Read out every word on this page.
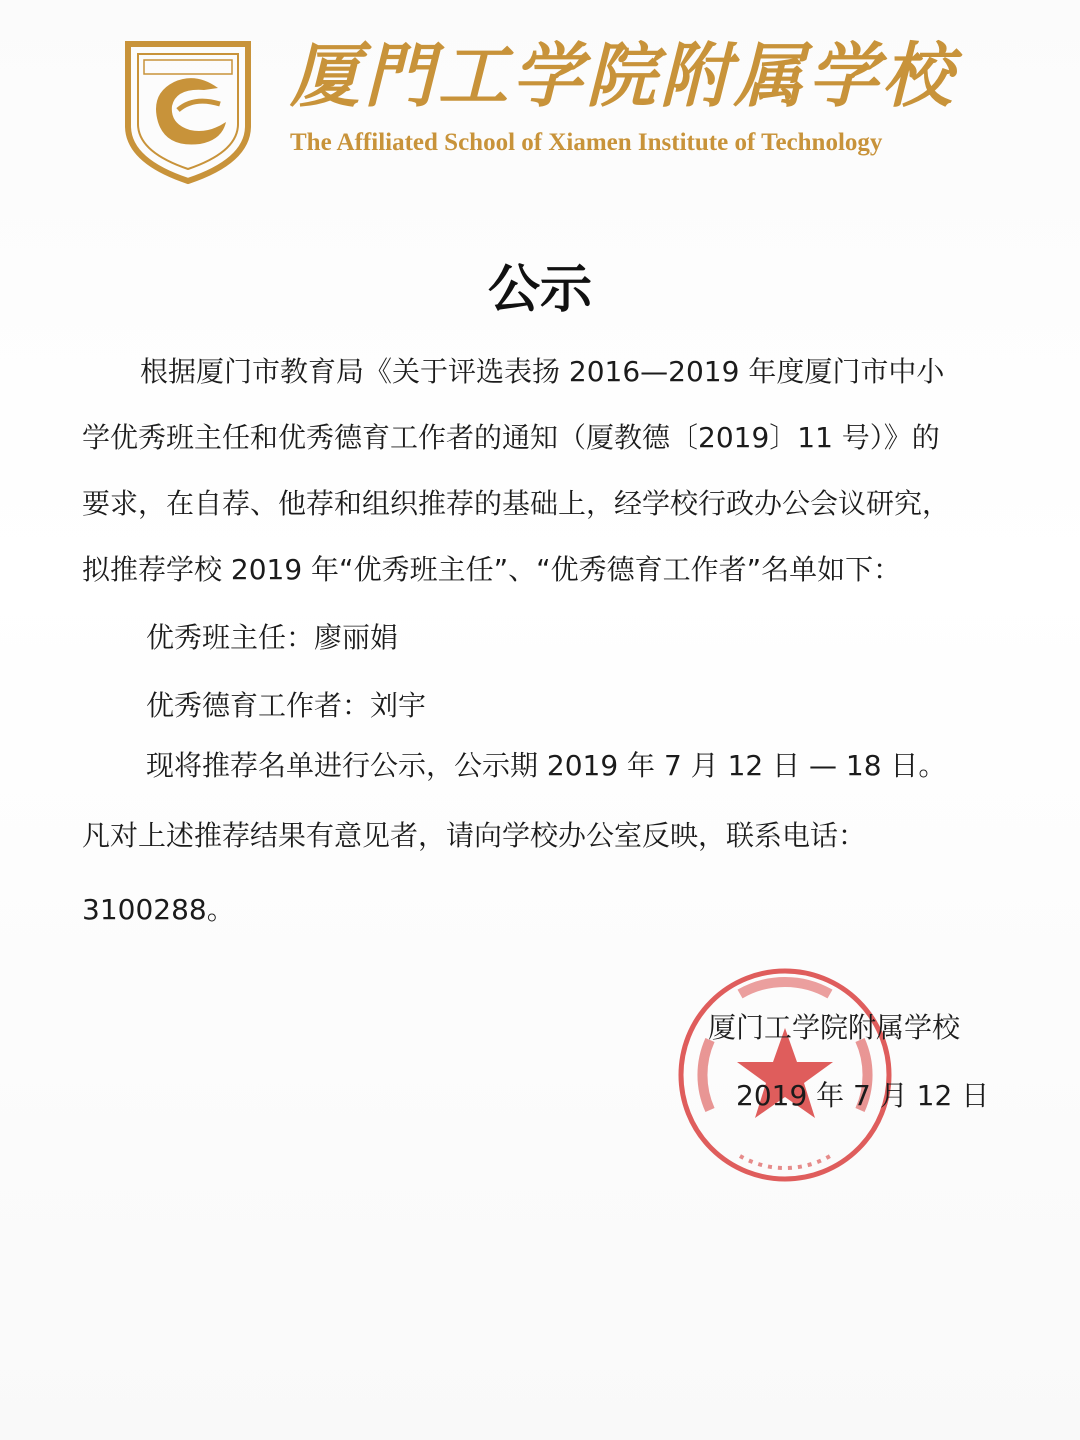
厦門工学院附属学校
The Affiliated School of Xiamen Institute of Technology
公示
根据厦门市教育局《关于评选表扬 2016—2019 年度厦门市中小
学优秀班主任和优秀德育工作者的通知（厦教德〔2019〕11 号）》的
要求，在自荐、他荐和组织推荐的基础上，经学校行政办公会议研究，
拟推荐学校 2019 年“优秀班主任”、“优秀德育工作者”名单如下：
优秀班主任：廖丽娟
优秀德育工作者：刘宇
现将推荐名单进行公示，公示期 2019 年 7 月 12 日 — 18 日。
凡对上述推荐结果有意见者，请向学校办公室反映，联系电话：
3100288。
厦门工学院附属学校
2019 年 7 月 12 日
